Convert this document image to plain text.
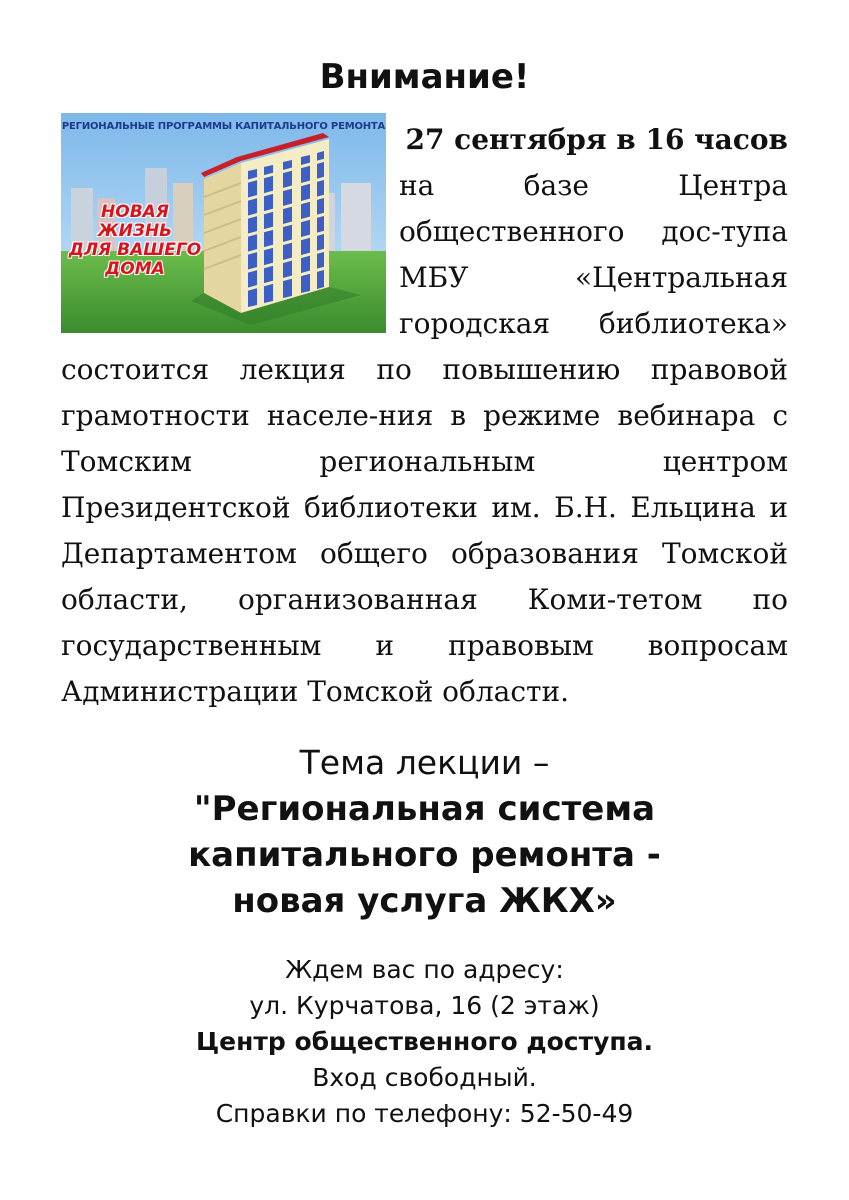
Внимание!
РЕГИОНАЛЬНЫЕ ПРОГРАММЫ КАПИТАЛЬНОГО РЕМОНТА
НОВАЯ ЖИЗНЬ
ДЛЯ ВАШЕГО
ДОМА
27 сентября в 16 часов
на базе Центра
общественного дос-тупа
МБУ «Центральная
городская библиотека»
состоится лекция по повышению правовой
грамотности населе-ния в режиме вебинара с
Томским региональным центром
Президентской библиотеки им. Б.Н. Ельцина и
Департаментом общего образования Томской
области, организованная Коми-тетом по
государственным и правовым вопросам
Администрации Томской области.
Тема лекции –
"Региональная система
капитального ремонта -
новая услуга ЖКХ»
Ждем вас по адресу:
ул. Курчатова, 16 (2 этаж)
Центр общественного доступа.
Вход свободный.
Справки по телефону: 52-50-49
